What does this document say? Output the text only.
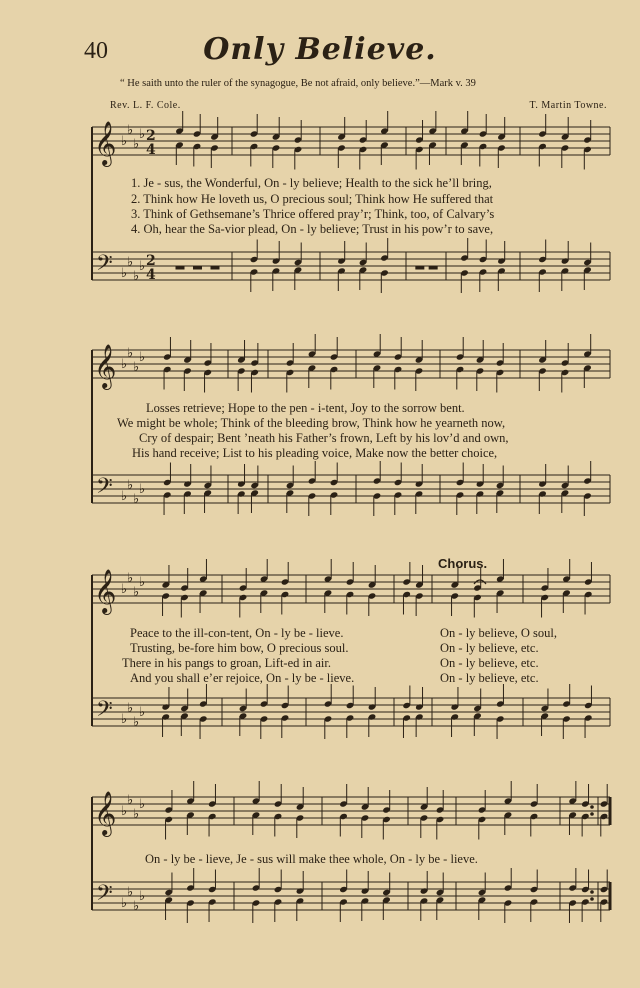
40	Only Believe.
“ He saith unto the ruler of the synagogue, Be not afraid, only believe.”—Mark v. 39
Rev. L. F. Cole.	T. Martin Towne.
𝄞
𝄢
♭
♭
♭
♭
♭
♭
♭
♭
2
4
2
4
𝄞
𝄢
♭
♭
♭
♭
♭
♭
♭
♭
𝄞
𝄢
♭
♭
♭
♭
♭
♭
♭
♭
𝄞
𝄢
♭
♭
♭
♭
♭
♭
♭
♭
1. Je - sus, the Wonderful, On - ly believe; Health to the sick he’ll bring,
2. Think how He loveth us, O precious soul; Think how He suffered that
3. Think of Gethsemane’s Thrice offered pray’r; Think, too, of Calvary’s
4. Oh, hear the Sa-vior plead, On - ly believe; Trust in his pow’r to save,
Losses retrieve; Hope to the pen - i-tent, Joy to the sorrow bent.
We might be whole; Think of the bleeding brow, Think how he yearneth now,
Cry of despair; Bent ’neath his Father’s frown, Left by his lov’d and own,
His hand receive; List to his pleading voice, Make now the better choice,
Chorus.
Peace to the ill-con-tent, On - ly be - lieve.
Trusting, be-fore him bow, O precious soul.
There in his pangs to groan, Lift-ed in air.
And you shall e’er rejoice, On - ly be - lieve.
On - ly believe, O soul,
On - ly believe, etc.
On - ly believe, etc.
On - ly believe, etc.
On - ly be - lieve, Je - sus will make thee whole, On - ly be - lieve.
